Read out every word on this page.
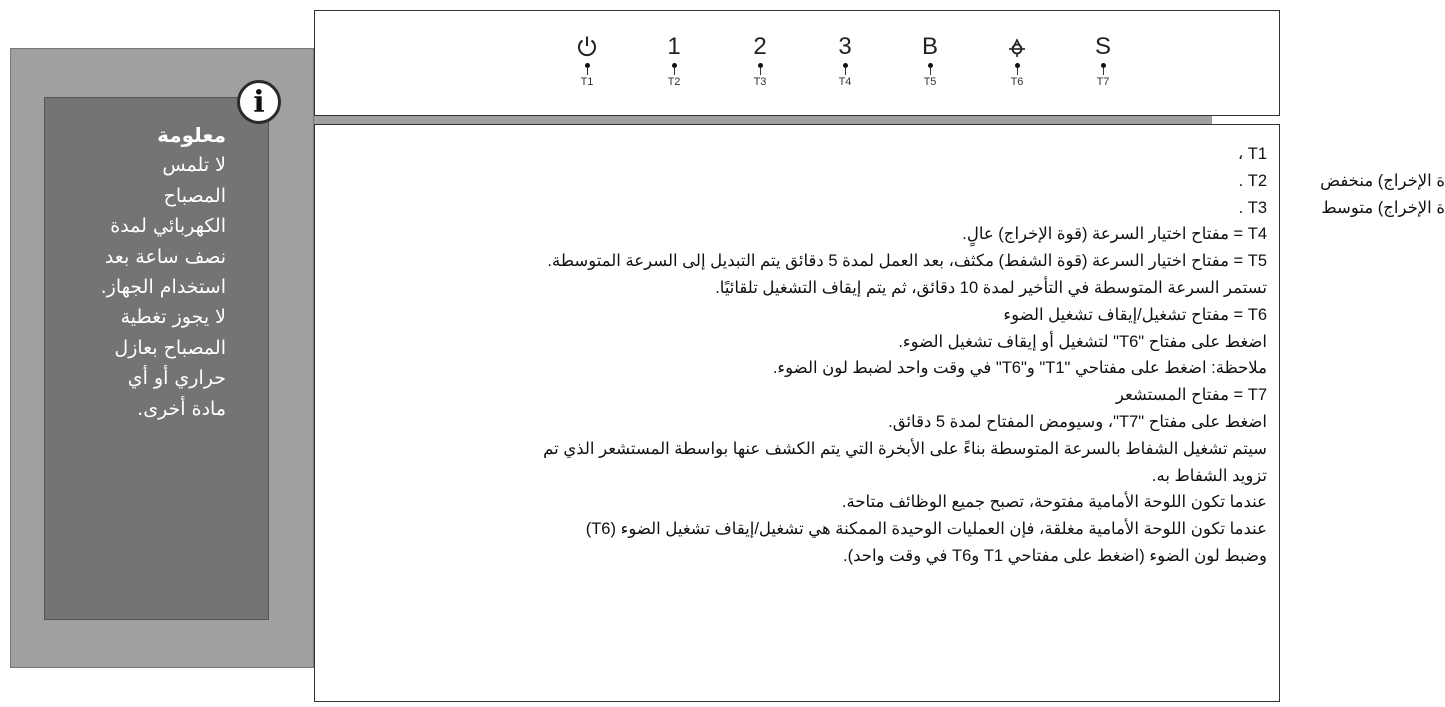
معلومة
لا تلمس
المصباح
الكهربائي لمدة
نصف ساعة بعد
استخدام الجهاز.
لا يجوز تغطية
المصباح بعازل
حراري أو أي
مادة أخرى.
i
T1
1
T2
2
T3
3
T4
B
T5	T6
S
T7
T1 ،
T2 .
T3 .
T4 = مفتاح اختيار السرعة (قوة الإخراج) عالٍ.
T5 = مفتاح اختيار السرعة (قوة الشفط) مكثف، بعد العمل لمدة 5 دقائق يتم التبديل إلى السرعة المتوسطة.
تستمر السرعة المتوسطة في التأخير لمدة 10 دقائق، ثم يتم إيقاف التشغيل تلقائيًا.
T6 = مفتاح تشغيل/إيقاف تشغيل الضوء
اضغط على مفتاح "T6" لتشغيل أو إيقاف تشغيل الضوء.
ملاحظة: اضغط على مفتاحي "T1" و"T6" في وقت واحد لضبط لون الضوء.
T7 = مفتاح المستشعر
اضغط على مفتاح "T7"، وسيومض المفتاح لمدة 5 دقائق.
سيتم تشغيل الشفاط بالسرعة المتوسطة بناءً على الأبخرة التي يتم الكشف عنها بواسطة المستشعر الذي تم
تزويد الشفاط به.
عندما تكون اللوحة الأمامية مفتوحة، تصبح جميع الوظائف متاحة.
عندما تكون اللوحة الأمامية مغلقة، فإن العمليات الوحيدة الممكنة هي تشغيل/إيقاف تشغيل الضوء (T6)
وضبط لون الضوء (اضغط على مفتاحي T1 وT6 في وقت واحد).
ة الإخراج) منخفض
ة الإخراج) متوسط
